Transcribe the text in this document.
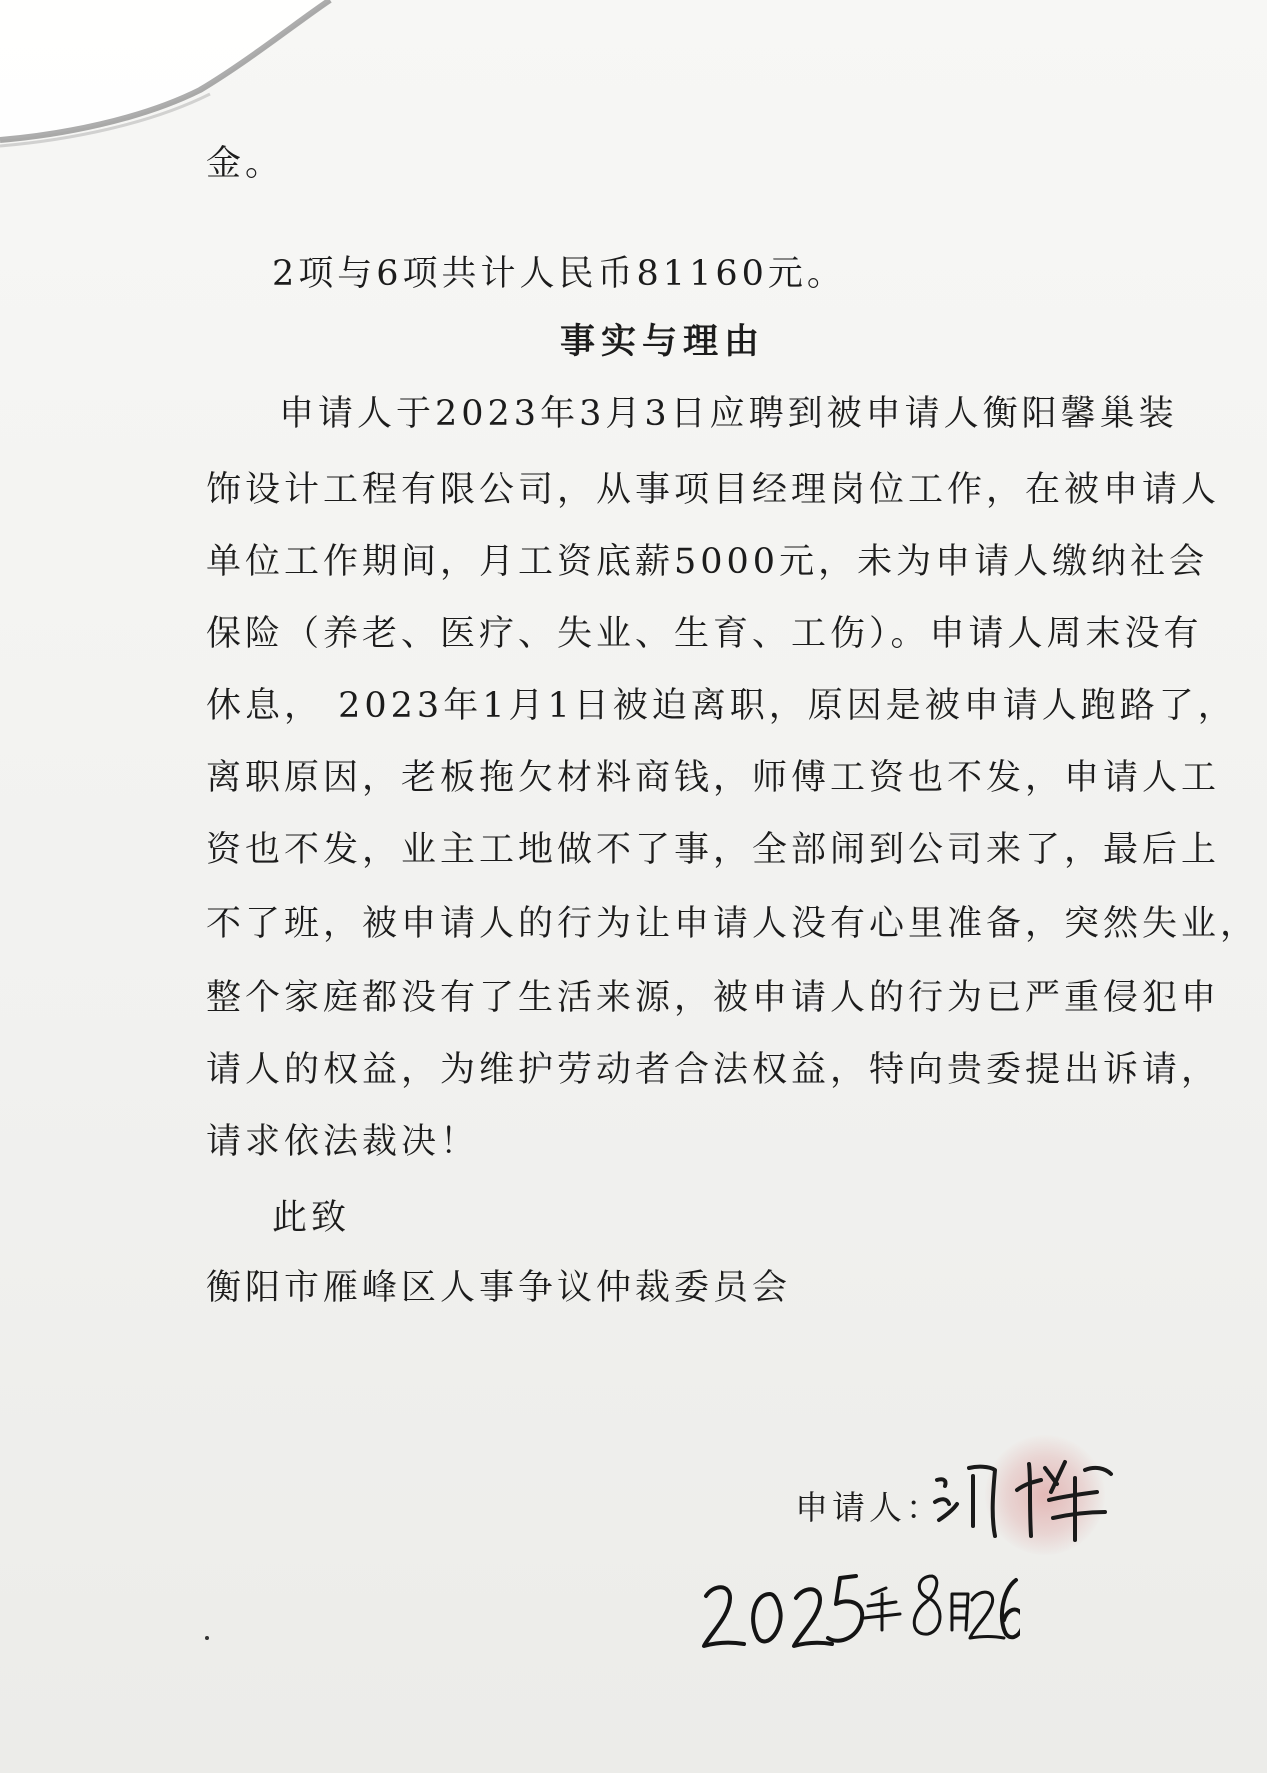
金。

2项与6项共计人民币81160元。

事实与理由

申请人于2023年3月3日应聘到被申请人衡阳馨巢装

饰设计工程有限公司，从事项目经理岗位工作，在被申请人

单位工作期间，月工资底薪5000元，未为申请人缴纳社会

保险（养老、医疗、失业、生育、工伤）。申请人周末没有

休息， 2023年1月1日被迫离职，原因是被申请人跑路了，

离职原因，老板拖欠材料商钱，师傅工资也不发，申请人工

资也不发，业主工地做不了事，全部闹到公司来了，最后上

不了班，被申请人的行为让申请人没有心里准备，突然失业，

整个家庭都没有了生活来源，被申请人的行为已严重侵犯申

请人的权益，为维护劳动者合法权益，特向贵委提出诉请，

请求依法裁决！

此致

衡阳市雁峰区人事争议仲裁委员会

申请人：
